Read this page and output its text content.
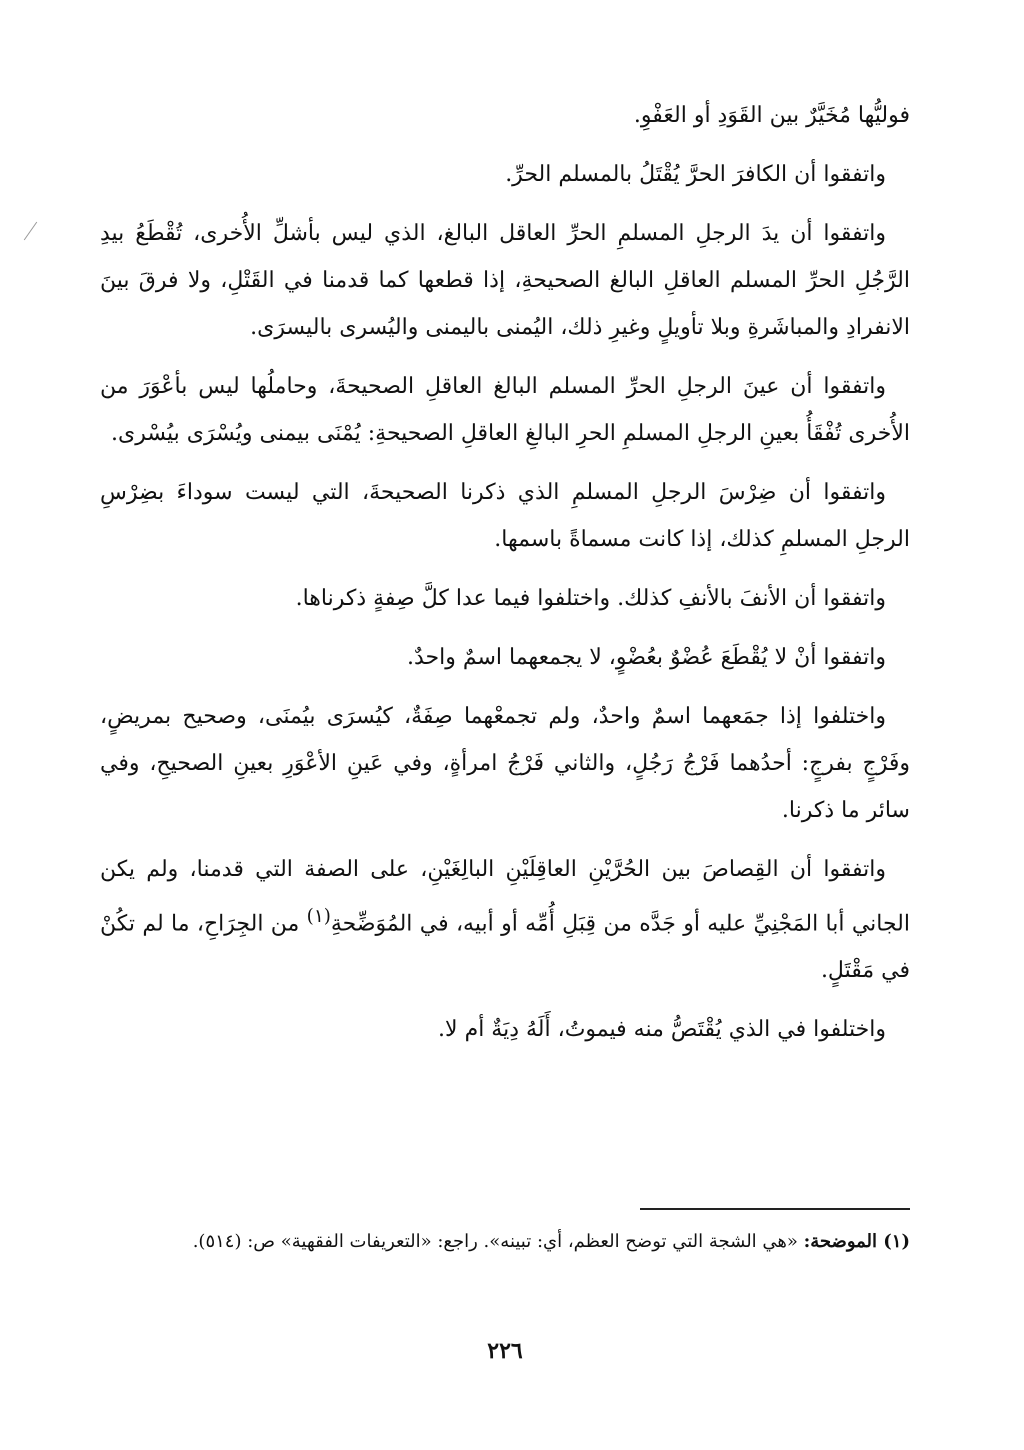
فوليُّها مُخَيَّرٌ بين القَوَدِ أو العَفْوِ.

واتفقوا أن الكافرَ الحرَّ يُقْتَلُ بالمسلم الحرِّ.

واتفقوا أن يدَ الرجلِ المسلمِ الحرِّ العاقل البالغ، الذي ليس بأشلِّ الأُخرى، تُقْطَعُ بيدِ الرَّجُلِ الحرِّ المسلم العاقلِ البالغ الصحيحةِ، إذا قطعها كما قدمنا في القَتْلِ، ولا فرقَ بينَ الانفرادِ والمباشَرةِ وبلا تأويلٍ وغيرِ ذلك، اليُمنى باليمنى واليُسرى باليسرَى.

واتفقوا أن عينَ الرجلِ الحرِّ المسلم البالغ العاقلِ الصحيحةَ، وحاملُها ليس بأعْوَرَ من الأُخرى تُفْقَأُ بعينِ الرجلِ المسلمِ الحرِ البالغِ العاقلِ الصحيحةِ: يُمْنَى بيمنى ويُسْرَى بيُسْرى.

واتفقوا أن ضِرْسَ الرجلِ المسلمِ الذي ذكرنا الصحيحةَ، التي ليست سوداءَ بضِرْسِ الرجلِ المسلمِ كذلك، إذا كانت مسماةً باسمها.

واتفقوا أن الأنفَ بالأنفِ كذلك. واختلفوا فيما عدا كلَّ صِفةٍ ذكرناها.

واتفقوا أنْ لا يُقْطَعَ عُضْوٌ بعُضْوٍ، لا يجمعهما اسمٌ واحدٌ.

واختلفوا إذا جمَعهما اسمٌ واحدٌ، ولم تجمعْهما صِفَةٌ، كيُسرَى بيُمنَى، وصحيح بمريضٍ، وفَرْجٍ بفرجٍ: أحدُهما فَرْجُ رَجُلٍ، والثاني فَرْجُ امرأةٍ، وفي عَينِ الأعْوَرِ بعينِ الصحيحِ، وفي سائر ما ذكرنا.

واتفقوا أن القِصاصَ بين الحُرَّيْنِ العاقِلَيْنِ البالِغَيْنِ، على الصفة التي قدمنا، ولم يكن الجاني أبا المَجْنِيِّ عليه أو جَدَّه من قِبَلِ أُمِّه أو أبيه، في المُوَضِّحةِ$^{(١)}$ من الجِرَاحِ، ما لم تكُنْ في مَقْتَلٍ.

واختلفوا في الذي يُقْتَصُّ منه فيموتُ، أَلَهُ دِيَةٌ أم لا.

(١) الموضحة: «هي الشجة التي توضح العظم، أي: تبينه». راجع: «التعريفات الفقهية» ص: (٥١٤).
٢٢٦
